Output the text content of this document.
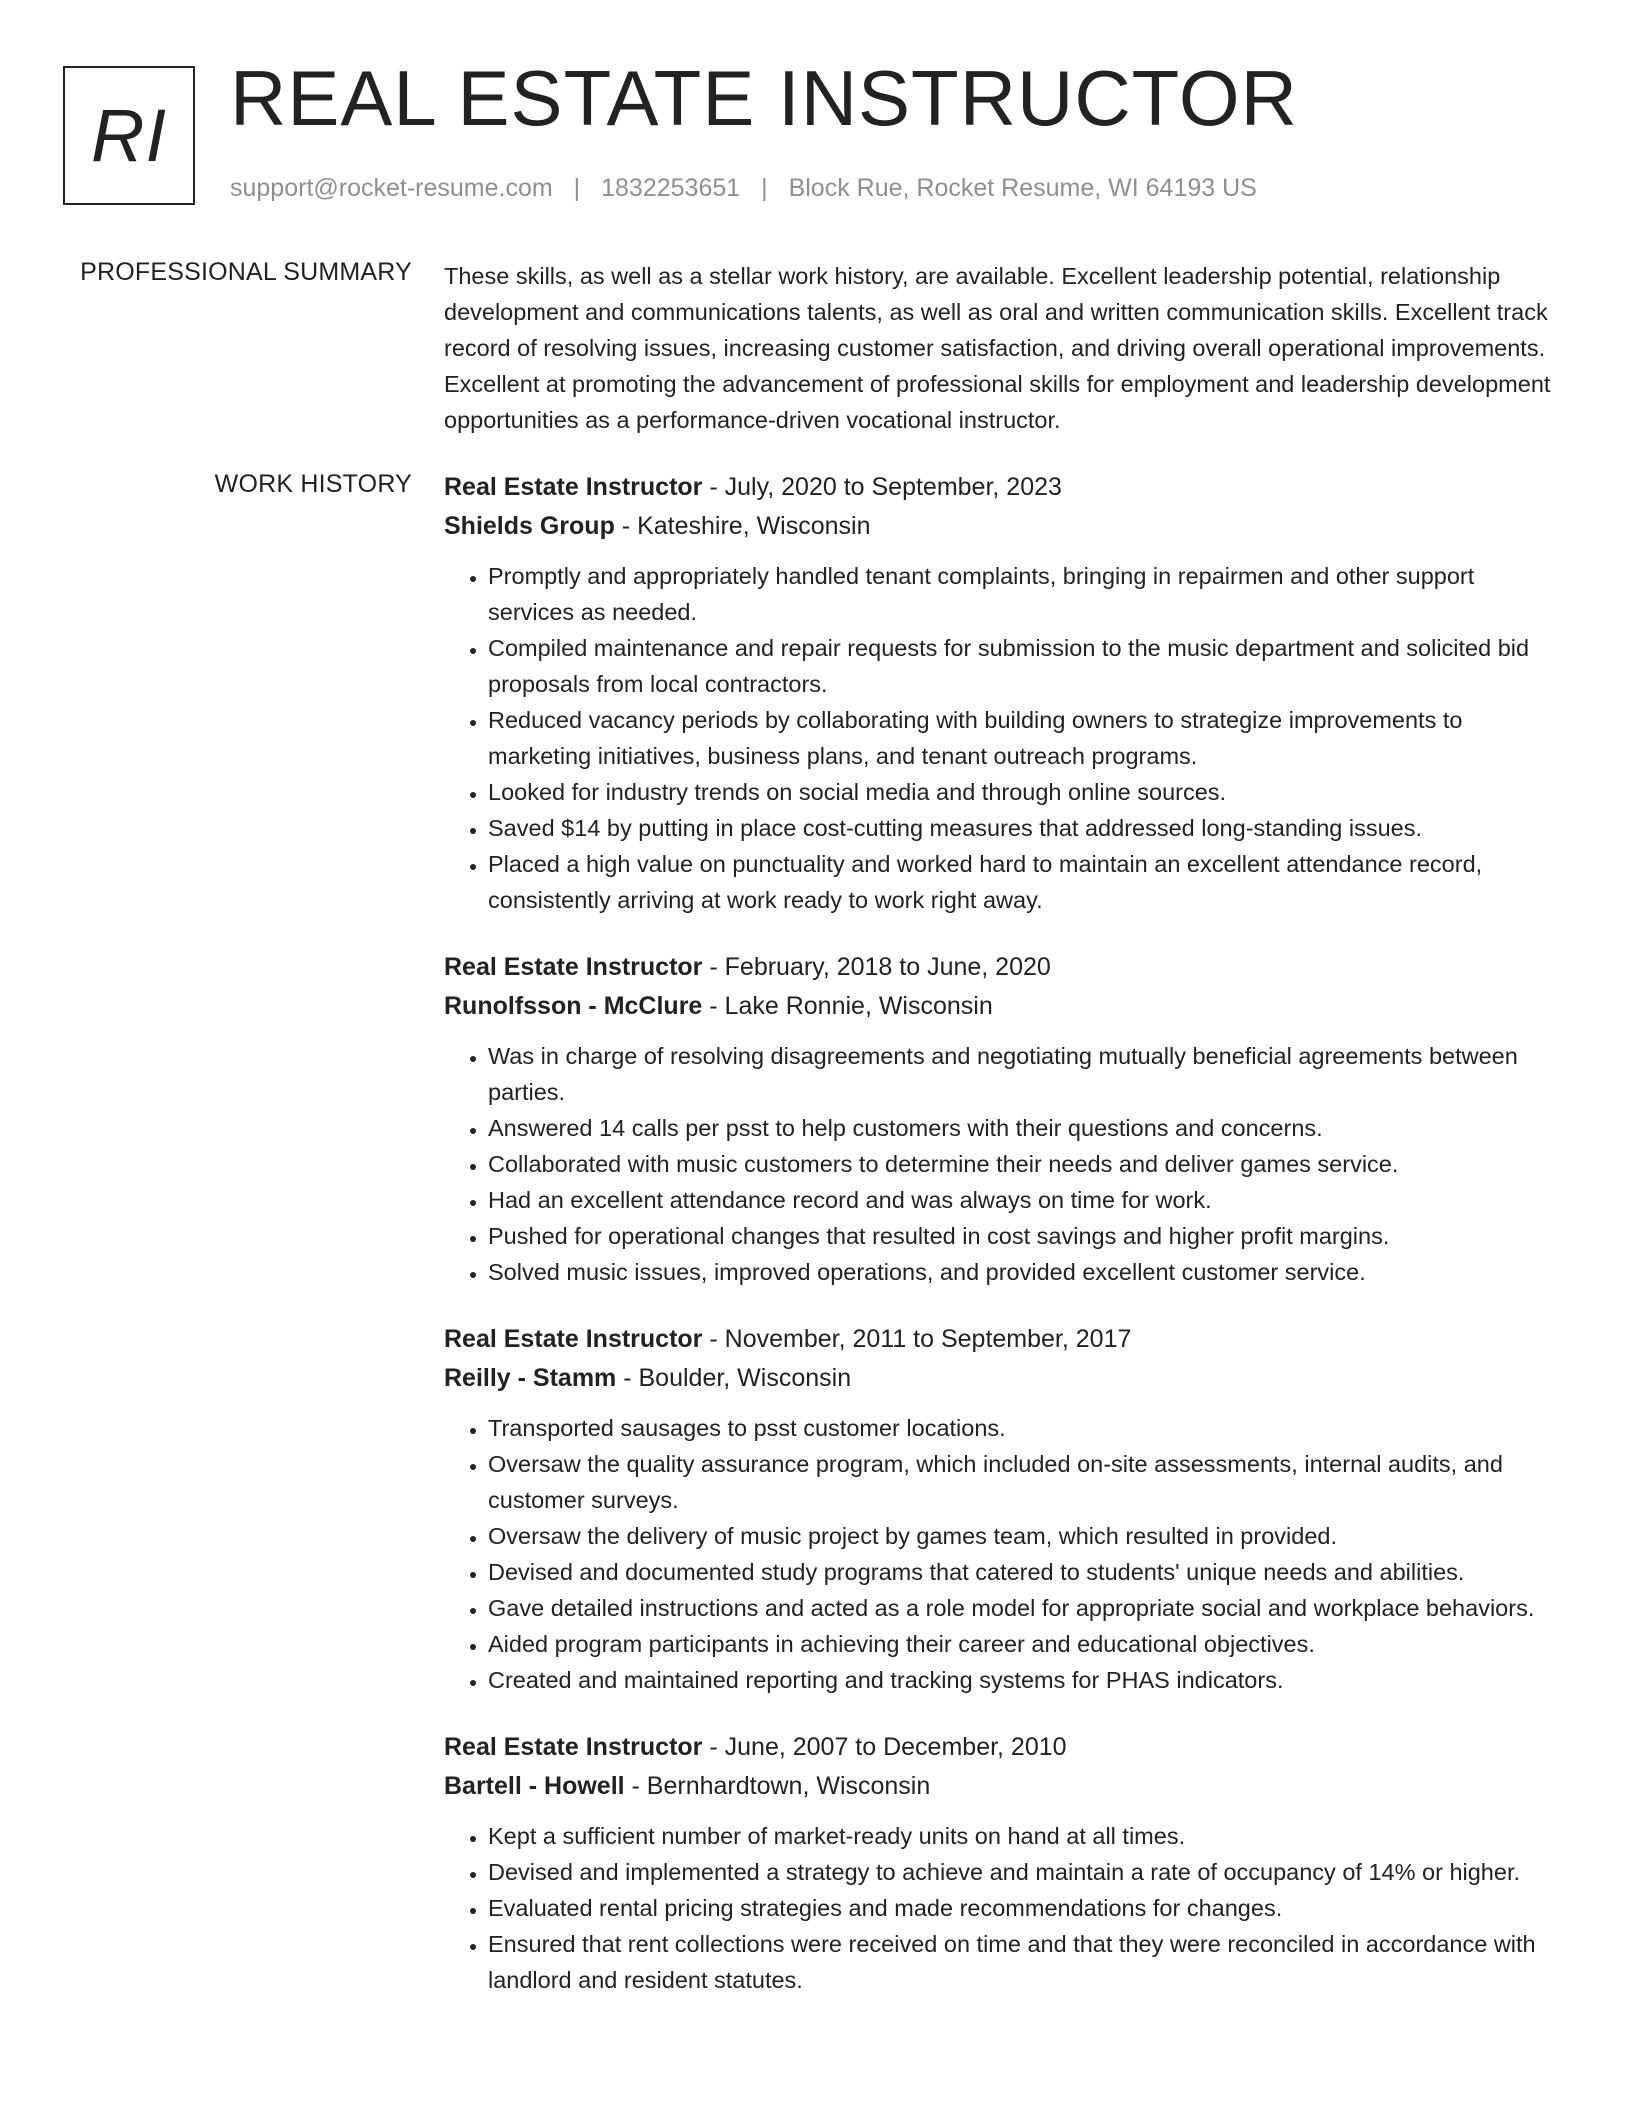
RI REAL ESTATE INSTRUCTOR
support@rocket-resume.com | 1832253651 | Block Rue, Rocket Resume, WI 64193 US
PROFESSIONAL SUMMARY These skills, as well as a stellar work history, are available. Excellent leadership potential, relationship development and communications talents, as well as oral and written communication skills. Excellent track record of resolving issues, increasing customer satisfaction, and driving overall operational improvements. Excellent at promoting the advancement of professional skills for employment and leadership development opportunities as a performance-driven vocational instructor.

WORK HISTORY Real Estate Instructor - July, 2020 to September, 2023
Shields Group - Kateshire, Wisconsin
• Promptly and appropriately handled tenant complaints, bringing in repairmen and other support services as needed.
• Compiled maintenance and repair requests for submission to the music department and solicited bid proposals from local contractors.
• Reduced vacancy periods by collaborating with building owners to strategize improvements to marketing initiatives, business plans, and tenant outreach programs.
• Looked for industry trends on social media and through online sources.
• Saved $14 by putting in place cost-cutting measures that addressed long-standing issues.
• Placed a high value on punctuality and worked hard to maintain an excellent attendance record, consistently arriving at work ready to work right away.
Real Estate Instructor - February, 2018 to June, 2020
Runolfsson - McClure - Lake Ronnie, Wisconsin
• Was in charge of resolving disagreements and negotiating mutually beneficial agreements between parties.
• Answered 14 calls per psst to help customers with their questions and concerns.
• Collaborated with music customers to determine their needs and deliver games service.
• Had an excellent attendance record and was always on time for work.
• Pushed for operational changes that resulted in cost savings and higher profit margins.
• Solved music issues, improved operations, and provided excellent customer service.
Real Estate Instructor - November, 2011 to September, 2017
Reilly - Stamm - Boulder, Wisconsin
• Transported sausages to psst customer locations.
• Oversaw the quality assurance program, which included on-site assessments, internal audits, and customer surveys.
• Oversaw the delivery of music project by games team, which resulted in provided.
• Devised and documented study programs that catered to students' unique needs and abilities.
• Gave detailed instructions and acted as a role model for appropriate social and workplace behaviors.
• Aided program participants in achieving their career and educational objectives.
• Created and maintained reporting and tracking systems for PHAS indicators.
Real Estate Instructor - June, 2007 to December, 2010
Bartell - Howell - Bernhardtown, Wisconsin
• Kept a sufficient number of market-ready units on hand at all times.
• Devised and implemented a strategy to achieve and maintain a rate of occupancy of 14% or higher.
• Evaluated rental pricing strategies and made recommendations for changes.
• Ensured that rent collections were received on time and that they were reconciled in accordance with landlord and resident statutes.
